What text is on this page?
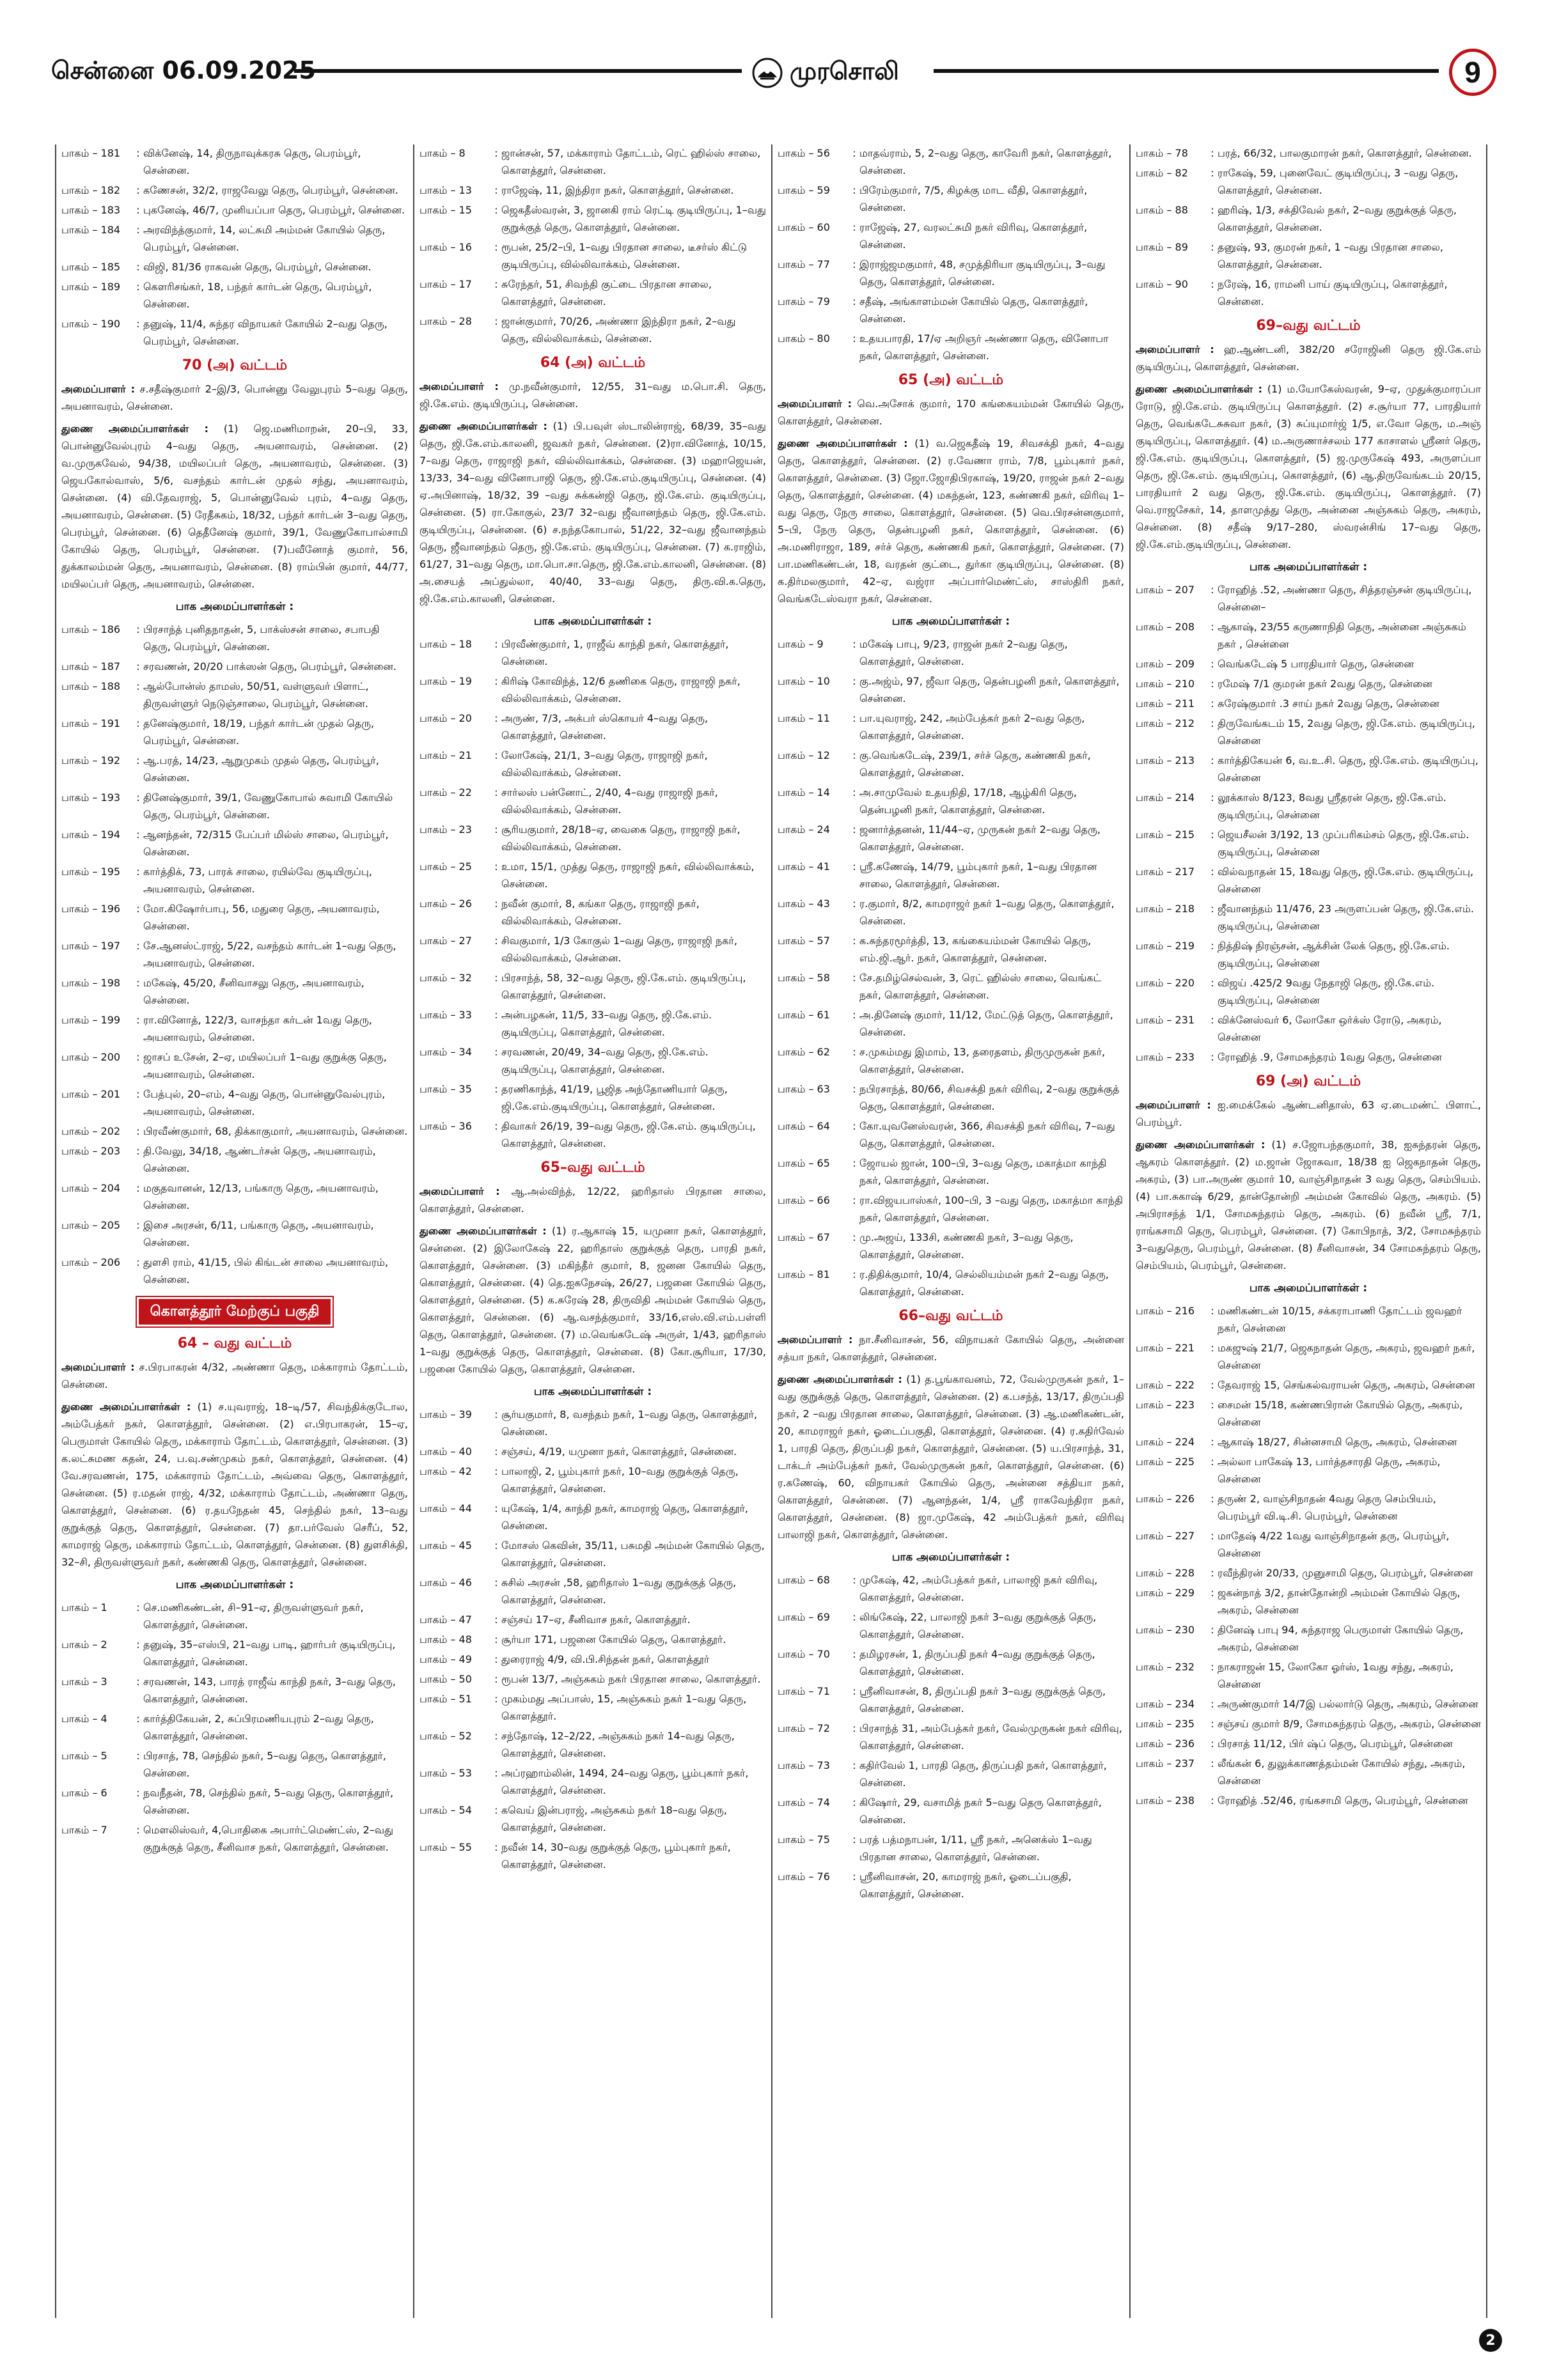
சென்னை 06.09.2025	முரசொலி	9
பாகம் – 181	: விக்னேஷ், 14, திருநாவுக்கரசு தெரு, பெரம்பூர், சென்னை.
பாகம் – 182	: கணேசன், 32/2, ராஜவேலு தெரு, பெரம்பூர், சென்னை.
பாகம் – 183	: புகனேஷ், 46/7, முனியப்பா தெரு, பெரம்பூர், சென்னை.
பாகம் – 184	: அரவிந்த்குமார், 14, லட்சுமி அம்மன் கோயில் தெரு, பெரம்பூர், சென்னை.
பாகம் – 185	: விஜி, 81/36 ராகவன் தெரு, பெரம்பூர், சென்னை.
பாகம் – 189	: கௌரிசங்கர், 18, பந்தர் கார்டன் தெரு, பெரம்பூர், சென்னை.
பாகம் – 190	: தனுஷ், 11/4, சுந்தர விநாயகர் கோயில் 2–வது தெரு, பெரம்பூர், சென்னை.
70 (அ) வட்டம்

அமைப்பாளர் : ச.சதீஷ்குமார் 2–இ/3, பொன்னு வேலுபுரம் 5–வது தெரு, அயனாவரம், சென்னை.

துணை அமைப்பாளர்கள் : (1) ஜெ.மணிமாறன், 20–பி, 33, பொன்னுவேல்புரம் 4–வது தெரு, அயனாவரம், சென்னை. (2) வ.முருகவேல், 94/38, மயிலப்பர் தெரு, அயனாவரம், சென்னை. (3) ஜெயகோல்வாஸ், 5/6, வசந்தம் கார்டன் முதல் சந்து, அயனாவரம், சென்னை. (4) வி.தேவராஜ், 5, பொன்னுவேல் புரம், 4–வது தெரு, அயனாவரம், சென்னை. (5) ரேதீசுகம், 18/32, பந்தர் கார்டன் 3–வது தெரு, பெரம்பூர், சென்னை. (6) தெதீனேஷ் குமார், 39/1, வேணுகோபால்சாமி கோயில் தெரு, பெரம்பூர், சென்னை. (7)பவீனோத் குமார், 56, துக்காலம்மன் தெரு, அயனாவரம், சென்னை. (8) ராம்பின் குமார், 44/77, மயிலப்பர் தெரு, அயனாவரம், சென்னை.

பாக அமைப்பாளர்கள் :
பாகம் – 186	: பிரசாந்த் புனிதநாதன், 5, பாக்ஸ்சன் சாலை, சபாபதி தெரு, பெரம்பூர், சென்னை.
பாகம் – 187	: சரவணன், 20/20 பாக்ஸன் தெரு, பெரம்பூர், சென்னை.
பாகம் – 188	: ஆல்போன்ஸ் தாமஸ், 50/51, வள்ளுவர் பிளாட், திருவள்ளுர் நெடுஞ்சாலை, பெரம்பூர், சென்னை.
பாகம் – 191	: தனேஷ்குமார், 18/19, பந்தர் கார்டன் முதல் தெரு, பெரம்பூர், சென்னை.
பாகம் – 192	: ஆ.பரத், 14/23, ஆறுமுகம் முதல் தெரு, பெரம்பூர், சென்னை.
பாகம் – 193	: தினேஷ்குமார், 39/1, வேணுகோபால் சுவாமி கோயில் தெரு, பெரம்பூர், சென்னை.
பாகம் – 194	: ஆனந்தன், 72/315 பேப்பர் மில்ஸ் சாலை, பெரம்பூர், சென்னை.
பாகம் – 195	: கார்த்திக், 73, பாரக் சாலை, ரயில்வே குடியிருப்பு, அயனாவரம், சென்னை.
பாகம் – 196	: மோ.கிஷோர்பாபு, 56, மதுரை தெரு, அயனாவரம், சென்னை.
பாகம் – 197	: சே.ஆனஸ்ட்ராஜ், 5/22, வசந்தம் கார்டன் 1–வது தெரு, அயனாவரம், சென்னை.
பாகம் – 198	: மகேஷ், 45/20, சீனிவாசலு தெரு, அயனாவரம், சென்னை.
பாகம் – 199	: ரா.வினோத், 122/3, வாசந்தா கர்டன் 1வது தெரு, அயனாவரம், சென்னை.
பாகம் – 200	: ஜாசப் உசேன், 2–ஏ, மயிலப்பர் 1–வது குறுக்கு தெரு, அயனாவரம், சென்னை.
பாகம் – 201	: பேத்புல், 20–எம், 4–வது தெரு, பொன்னுவேல்புரம், அயனாவரம், சென்னை.
பாகம் – 202	: பிரவீண்குமார், 68, திக்காகுமார், அயனாவரம், சென்னை.
பாகம் – 203	: தி.வேலு, 34/18, ஆண்டர்சன் தெரு, அயனாவரம், சென்னை.
பாகம் – 204	: மகுதவானன், 12/13, பங்காரு தெரு, அயனாவரம், சென்னை.
பாகம் – 205	: இசை அரசன், 6/11, பங்காரு தெரு, அயனாவரம், சென்னை.
பாகம் – 206	: துளசி ராம், 41/15, பில் கிங்டன் சாலை அயனாவரம், சென்னை.
கொளத்தூர் மேற்குப் பகுதி
64 – வது வட்டம்

அமைப்பாளர் : ச.பிரபாகரன் 4/32, அண்ணா தெரு, மக்காராம் தோட்டம், சென்னை.

துணை அமைப்பாளர்கள் : (1) ச.யுவராஜ், 18–டி/57, சிவந்திக்குடோல, அம்பேத்கர் நகர், கொளத்தூர், சென்னை. (2) எ.பிரபாகரன், 15–ஏ, பெருமாள் கோயில் தெரு, மக்காராம் தோட்டம், கொளத்தூர், சென்னை. (3) க.லட்சுமண கதன், 24, ப.வு.சண்முகம் நகர், கொளத்தூர், சென்னை. (4) வே.சரவணன், 175, மக்காராம் தோட்டம், அவ்வை தெரு, கொளத்தூர், சென்னை. (5) ர.மதன் ராஜ், 4/32, மக்காராம் தோட்டம், அண்ணா தெரு, கொளத்தூர், சென்னை. (6) ர.தயநேதன் 45, செந்தில் நகர், 13–வது குறுக்குத் தெரு, கொளத்தூர், சென்னை. (7) தா.பர்வேஸ் செரீப், 52, காமராஜ் தெரு, மக்காராம் தோட்டம், கொளத்தூர், சென்னை. (8) துளசிக்தி, 32–சி, திருவள்ளுவர் நகர், கண்ணகி தெரு, கொளத்தூர், சென்னை.

பாக அமைப்பாளர்கள் :
பாகம் – 1	: செ.மணிகண்டன், சி–91–ஏ, திருவள்ளுவர் நகர், கொளத்தூர், சென்னை.
பாகம் – 2	: தனுஷ், 35–எஸ்பி, 21–வது பாடி, ஹார்பர் குடியிருப்பு, கொளத்தூர், சென்னை.
பாகம் – 3	: சரவணன், 143, பாரத் ராஜீவ் காந்தி நகர், 3–வது தெரு, கொளத்தூர், சென்னை.
பாகம் – 4	: கார்த்திகேயன், 2, சுப்பிரமணியபுரம் 2–வது தெரு, கொளத்தூர், சென்னை.
பாகம் – 5	: பிரசாத், 78, செந்தில் நகர், 5–வது தெரு, கொளத்தூர், சென்னை.
பாகம் – 6	: நவநீதன், 78, செந்தில் நகர், 5–வது தெரு, கொளத்தூர், சென்னை.
பாகம் – 7	: மௌலிஸ்வர், 4,பொதிகை அபார்ட்மெண்ட்ஸ், 2–வது குறுக்குத் தெரு, சீனிவாச நகர், கொளத்தூர், சென்னை.
பாகம் – 8	: ஜான்சன், 57, மக்காராம் தோட்டம், ரெட் ஹில்ஸ் சாலை, கொளத்தூர், சென்னை.
பாகம் – 13	: ராஜேஷ், 11, இந்திரா நகர், கொளத்தூர், சென்னை.
பாகம் – 15	: ஜெகதீஸ்வரன், 3, ஜானகி ராம் ரெட்டி குடியிருப்பு, 1–வது குறுக்குத் தெரு, கொளத்தூர், சென்னை.
பாகம் – 16	: ரூபன், 25/2–பி, 1–வது பிரதான சாலை, டீசர்ஸ் கிட்டு குடியிருப்பு, வில்லிவாக்கம், சென்னை.
பாகம் – 17	: சுரேந்தர், 51, சிவந்தி குட்டை பிரதான சாலை, கொளத்தூர், சென்னை.
பாகம் – 28	: ஜான்குமார், 70/26, அண்ணா இந்திரா நகர், 2–வது தெரு, வில்லிவாக்கம், சென்னை.
64 (அ) வட்டம்

அமைப்பாளர் : மு.நவீன்குமார், 12/55, 31–வது ம.பொ.சி. தெரு, ஜி.கே.எம். குடியிருப்பு, சென்னை.

துணை அமைப்பாளர்கள் : (1) பி.பவுள் ஸ்டாலின்ராஜ், 68/39, 35–வது தெரு, ஜி.கே.எம்.காலனி, ஜவகர் நகர், சென்னை. (2)ரா.வினோத், 10/15, 7–வது தெரு, ராஜாஜி நகர், வில்லிவாக்கம், சென்னை. (3) மஹாஜெயன், 13/33, 34–வது வினோபாஜி தெரு, ஜி.கே.எம்.குடியிருப்பு, சென்னை. (4) ஏ.அபினாஷ், 18/32, 39 –வது சுக்கன்ஜி தெரு, ஜி.கே.எம். குடியிருப்பு, சென்னை. (5) ரா.கோகுல், 23/7 32–வது ஜீவானந்தம் தெரு, ஜி.கே.எம். குடியிருப்பு, சென்னை. (6) ச.நந்தகோபால், 51/22, 32–வது ஜீவானந்தம் தெரு, ஜீவானந்தம் தெரு, ஜி.கே.எம். குடியிருப்பு, சென்னை. (7) க.ராஜிம், 61/27, 31–வது தெரு, மா.பொ.சா.தெரு, ஜி.கே.எம்.காலனி, சென்னை. (8) அ.சையத் அப்துல்லா, 40/40, 33–வது தெரு, திரு.வி.க.தெரு, ஜி.கே.எம்.காலனி, சென்னை.

பாக அமைப்பாளர்கள் :
பாகம் – 18	: பிரவீண்குமார், 1, ராஜீவ் காந்தி நகர், கொளத்தூர், சென்னை.
பாகம் – 19	: கிரிஷ் கோவிந்த், 12/6 தணிகை தெரு, ராஜாஜி நகர், வில்லிவாக்கம், சென்னை.
பாகம் – 20	: அருண், 7/3, அக்பர் ஸ்கொயர் 4–வது தெரு, கொளத்தூர், சென்னை.
பாகம் – 21	: லோகேஷ், 21/1, 3–வது தெரு, ராஜாஜி நகர், வில்லிவாக்கம், சென்னை.
பாகம் – 22	: சார்லஸ் பன்னோட், 2/40, 4–வது ராஜாஜி நகர், வில்லிவாக்கம், சென்னை.
பாகம் – 23	: சூரியகுமார், 28/18–ஏ, வைகை தெரு, ராஜாஜி நகர், வில்லிவாக்கம், சென்னை.
பாகம் – 25	: உமா, 15/1, முத்து தெரு, ராஜாஜி நகர், வில்லிவாக்கம், சென்னை.
பாகம் – 26	: நவீன் குமார், 8, கங்கா தெரு, ராஜாஜி நகர், வில்லிவாக்கம், சென்னை.
பாகம் – 27	: சிவகுமார், 1/3 கோகுல் 1–வது தெரு, ராஜாஜி நகர், வில்லிவாக்கம், சென்னை.
பாகம் – 32	: பிரசாந்த், 58, 32–வது தெரு, ஜி.கே.எம். குடியிருப்பு, கொளத்தூர், சென்னை.
பாகம் – 33	: அன்பழகன், 11/5, 33–வது தெரு, ஜி.கே.எம். குடியிருப்பு, கொளத்தூர், சென்னை.
பாகம் – 34	: சரவணன், 20/49, 34–வது தெரு, ஜி.கே.எம். குடியிருப்பு, கொளத்தூர், சென்னை.
பாகம் – 35	: தரணிகாந்த், 41/19, பூஜித அந்தோணியார் தெரு, ஜி.கே.எம்.குடியிருப்பு, கொளத்தூர், சென்னை.
பாகம் – 36	: திவாகர் 26/19, 39–வது தெரு, ஜி.கே.எம். குடியிருப்பு, கொளத்தூர், சென்னை.
65–வது வட்டம்

அமைப்பாளர் : ஆ.அல்விந்த், 12/22, ஹரிதாஸ் பிரதான சாலை, கொளத்தூர், சென்னை.

துணை அமைப்பாளர்கள் : (1) ர.ஆகாஷ் 15, யமுனா நகர், கொளத்தூர், சென்னை. (2) இலோகேஷ் 22, ஹரிதாஸ் குறுக்குத் தெரு, பாரதி நகர், கொளத்தூர், சென்னை. (3) மகிந்தீர் குமார், 8, ஜனன கோயில் தெரு, கொளத்தூர், சென்னை. (4) தெ.ஐகநேசஷ், 26/27, பஜனை கோயில் தெரு, கொளத்தூர், சென்னை. (5) க.சுரேஷ் 28, திருவிதி அம்மன் கோயில் தெரு, கொளத்தூர், சென்னை. (6) ஆ.வசந்த்குமார், 33/16,எஸ்.வி.எம்.பள்ளி தெரு, கொளத்தூர், சென்னை. (7) ம.வெங்கடேஷ் அருள், 1/43, ஹரிதாஸ் 1–வது குறுக்குத் தெரு, கொளத்தூர், சென்னை. (8) கோ.சூரியா, 17/30, பஜனை கோயில் தெரு, கொளத்தூர், சென்னை.

பாக அமைப்பாளர்கள் :
பாகம் – 39	: சூர்யகுமார், 8, வசந்தம் நகர், 1–வது தெரு, கொளத்தூர், சென்னை.
பாகம் – 40	: சஞ்சய், 4/19, யமுனா நகர், கொளத்தூர், சென்னை.
பாகம் – 42	: பாலாஜி, 2, பூம்புகார் நகர், 10–வது குறுக்குத் தெரு, கொளத்தூர், சென்னை.
பாகம் – 44	: யுகேஷ், 1/4, காந்தி நகர், காமராஜ் தெரு, கொளத்தூர், சென்னை.
பாகம் – 45	: மோசஸ் கெவின், 35/11, பசுமதி அம்மன் கோயில் தெரு, கொளத்தூர், சென்னை.
பாகம் – 46	: சுசில் அரசன் ,58, ஹரிதாஸ் 1–வது குறுக்குத் தெரு, கொளத்தூர், சென்னை.
பாகம் – 47	: சஞ்சய் 17–ஏ, சீனிவாச நகர், கொளத்தூர்.
பாகம் – 48	: சூர்யா 171, பஜனை கோயில் தெரு, கொளத்தூர்.
பாகம் – 49	: துரைராஜ் 4/9, வி.பி.சிந்தன் நகர், கொளத்தூர்
பாகம் – 50	: ரூபன் 13/7, அஞ்சுகம் நகர் பிரதான சாலை, கொளத்தூர்.
பாகம் – 51	: முகம்மது அப்பாஸ், 15, அஞ்சுகம் நகர் 1–வது தெரு, கொளத்தூர்.
பாகம் – 52	: சந்தோஷ், 12–2/22, அஞ்சுகம் நகர் 14–வது தெரு, கொளத்தூர், சென்னை.
பாகம் – 53	: அப்ரஹாம்லின், 1494, 24–வது தெரு, பூம்புகார் நகர், கொளத்தூர், சென்னை.
பாகம் – 54	: கவெய் இன்பராஜ், அஞ்சுகம் நகர் 18–வது தெரு, கொளத்தூர், சென்னை.
பாகம் – 55	: நவீன் 14, 30–வது குறுக்குத் தெரு, பூம்புகார் நகர், கொளத்தூர், சென்னை.
பாகம் – 56	: மாதவ்ராம், 5, 2–வது தெரு, காவேரி நகர், கொளத்தூர், சென்னை.
பாகம் – 59	: பிரேம்குமார், 7/5, கிழக்கு மாட வீதி, கொளத்தூர், சென்னை.
பாகம் – 60	: ராஜேஷ், 27, வரலட்சுமி நகர் விரிவு, கொளத்தூர், சென்னை.
பாகம் – 77	: இராஜ்ஜமகுமார், 48, சமுத்திரியா குடியிருப்பு, 3–வது தெரு, கொளத்தூர், சென்னை.
பாகம் – 79	: சதீஷ், அங்காளம்மன் கோயில் தெரு, கொளத்தூர், சென்னை.
பாகம் – 80	: உதயபாரதி, 17/ஏ அறிஞர் அண்ணா தெரு, வினோபா நகர், கொளத்தூர், சென்னை.
65 (அ) வட்டம்

அமைப்பாளர் : வெ.அசோக் குமார், 170 கங்கையம்மன் கோயில் தெரு, கொளத்தூர், சென்னை.

துணை அமைப்பாளர்கள் : (1) வ.ஜெகதீஷ் 19, சிவசக்தி நகர், 4–வது தெரு, கொளத்தூர், சென்னை. (2) ர.வேணா ராம், 7/8, பூம்புகார் நகர், கொளத்தூர், சென்னை. (3) ஜோ.ஜோதிபிரகாஷ், 19/20, ராஜன் நகர் 2–வது தெரு, கொளத்தூர், சென்னை. (4) மகந்தன், 123, கண்ணகி நகர், விரிவு 1–வது தெரு, நேரு சாலை, கொளத்தூர், சென்னை. (5) வெ.பிரசன்னகுமார், 5–பி, நேரு தெரு, தென்பழனி நகர், கொளத்தூர், சென்னை. (6) அ.மணிராஜா, 189, சர்ச் தெரு, கண்ணகி நகர், கொளத்தூர், சென்னை. (7) பா.மணிகண்டன், 18, வரதன் குட்டை, துர்கா குடியிருப்பு, சென்னை. (8) க.திர்மலகுமார், 42–ஏ, வஜ்ரா அப்பார்மெண்ட்ஸ், சாஸ்திரி நகர், வெங்கடேஸ்வரா நகர், சென்னை.

பாக அமைப்பாளர்கள் :
பாகம் – 9	: மகேஷ் பாபு, 9/23, ராஜன் நகர் 2–வது தெரு, கொளத்தூர், சென்னை.
பாகம் – 10	: கு.அஜ்ம், 97, ஜீவா தெரு, தென்பழனி நகர், கொளத்தூர், சென்னை.
பாகம் – 11	: பா.யுவராஜ், 242, அம்பேத்கர் நகர் 2–வது தெரு, கொளத்தூர், சென்னை.
பாகம் – 12	: கு.வெங்கடேஷ், 239/1, சர்ச் தெரு, கண்ணகி நகர், கொளத்தூர், சென்னை.
பாகம் – 14	: அ.சாமுவேல் உதயநிதி, 17/18, ஆழ்கிரி தெரு, தென்பழனி நகர், கொளத்தூர், சென்னை.
பாகம் – 24	: ஜனார்த்தனன், 11/44–ஏ, முருகன் நகர் 2–வது தெரு, கொளத்தூர், சென்னை.
பாகம் – 41	: ஸ்ரீ.கணேஷ், 14/79, பூம்புகார் நகர், 1–வது பிரதான சாலை, கொளத்தூர், சென்னை.
பாகம் – 43	: ர.குமார், 8/2, காமராஜர் நகர் 1–வது தெரு, கொளத்தூர், சென்னை.
பாகம் – 57	: க.சுந்தரமூர்த்தி, 13, கங்கையம்மன் கோயில் தெரு, எம்.ஜி.ஆர். நகர், கொளத்தூர், சென்னை.
பாகம் – 58	: சே.தமிழ்செல்வன், 3, ரெட் ஹில்ஸ் சாலை, வெங்கட் நகர், கொளத்தூர், சென்னை.
பாகம் – 61	: அ.தினேஷ் குமார், 11/12, மேட்டுத் தெரு, கொளத்தூர், சென்னை.
பாகம் – 62	: ச.முகம்மது இமாம், 13, தரைதளம், திருமுருகன் நகர், கொளத்தூர், சென்னை.
பாகம் – 63	: நபிரசாந்த், 80/66, சிவசக்தி நகர் விரிவு, 2–வது குறுக்குத் தெரு, கொளத்தூர், சென்னை.
பாகம் – 64	: கோ.யுவனேஸ்வரன், 366, சிவசக்தி நகர் விரிவு, 7–வது தெரு, கொளத்தூர், சென்னை.
பாகம் – 65	: ஜோயல் ஜான், 100–பி, 3–வது தெரு, மகாத்மா காந்தி நகர், கொளத்தூர், சென்னை.
பாகம் – 66	: ரா.விஜயபாஸ்கர், 100–பி, 3 –வது தெரு, மகாத்மா காந்தி நகர், கொளத்தூர், சென்னை.
பாகம் – 67	: மு.அஜய், 133சி, கண்ணகி நகர், 3–வது தெரு, கொளத்தூர், சென்னை.
பாகம் – 81	: ர.திதிக்குமார், 10/4, செல்லியம்மன் நகர் 2–வது தெரு, கொளத்தூர், சென்னை.
66–வது வட்டம்

அமைப்பாளர் : நா.சீனிவாசன், 56, விநாயகர் கோயில் தெரு, அன்னை சத்யா நகர், கொளத்தூர், சென்னை.

துணை அமைப்பாளர்கள் : (1) த.பூங்காவனம், 72, வேல்முருகன் நகர், 1–வது குறுக்குத் தெரு, கொளத்தூர், சென்னை. (2) க.பசந்த், 13/17, திருப்பதி நகர், 2 –வது பிரதான சாலை, கொளத்தூர், சென்னை. (3) ஆ.மணிகண்டன், 20, காமராஜர் நகர், ஓடைப்பகுதி, கொளத்தூர், சென்னை. (4) ர.கதிர்வேல் 1, பாரதி தெரு, திருப்பதி நகர், கொளத்தூர், சென்னை. (5) ய.பிரசாந்த், 31, டாக்டர் அம்பேத்கர் நகர், வேல்முருகன் நகர், கொளத்தூர், சென்னை. (6) ர.கணேஷ், 60, விநாயகர் கோயில் தெரு, அன்னை சத்தியா நகர், கொளத்தூர், சென்னை. (7) ஆனந்தன், 1/4, ஸ்ரீ ராகவேந்திரா நகர், கொளத்தூர், சென்னை. (8) ஜா.முகேஷ், 42 அம்பேத்கர் நகர், விரிவு பாலாஜி நகர், கொளத்தூர், சென்னை.

பாக அமைப்பாளர்கள் :
பாகம் – 68	: முகேஷ், 42, அம்பேத்கர் நகர், பாலாஜி நகர் விரிவு, கொளத்தூர், சென்னை.
பாகம் – 69	: லிங்கேஷ், 22, பாலாஜி நகர் 3–வது குறுக்குத் தெரு, கொளத்தூர், சென்னை.
பாகம் – 70	: தமிழரசன், 1, திருப்பதி நகர் 4–வது குறுக்குத் தெரு, கொளத்தூர், சென்னை.
பாகம் – 71	: ஸ்ரீனிவாசன், 8, திருப்பதி நகர் 3–வது குறுக்குத் தெரு, கொளத்தூர், சென்னை.
பாகம் – 72	: பிரசாந்த் 31, அம்பேத்கர் நகர், வேல்முருகன் நகர் விரிவு, கொளத்தூர், சென்னை.
பாகம் – 73	: கதிர்வேல் 1, பாரதி தெரு, திருப்பதி நகர், கொளத்தூர், சென்னை.
பாகம் – 74	: கிஷோர், 29, வசாமித் நகர் 5–வது தெரு கொளத்தூர், சென்னை.
பாகம் – 75	: பரத் பத்மநாபன், 1/11, ஸ்ரீ நகர், அனெக்ஸ் 1–வது பிரதான சாலை, கொளத்தூர், சென்னை.
பாகம் – 76	: ஸ்ரீனிவாசன், 20, காமராஜ் நகர், ஓடைப்பகுதி, கொளத்தூர், சென்னை.
பாகம் – 78	: பரத், 66/32, பாலகுமாரன் நகர், கொளத்தூர், சென்னை.
பாகம் – 82	: ராகேஷ், 59, புனைவேட் குடியிருப்பு, 3 –வது தெரு, கொளத்தூர், சென்னை.
பாகம் – 88	: ஹரிஷ், 1/3, சக்திவேல் நகர், 2–வது குறுக்குத் தெரு, கொளத்தூர், சென்னை.
பாகம் – 89	: தனுஷ், 93, குமரன் நகர், 1 –வது பிரதான சாலை, கொளத்தூர், சென்னை.
பாகம் – 90	: நரேஷ், 16, ராமனி பாய் குடியிருப்பு, கொளத்தூர், சென்னை.
69–வது வட்டம்

அமைப்பாளர் : ஹ.ஆண்டனி, 382/20 சரோஜினி தெரு ஜி.கே.எம் குடியிருப்பு, கொளத்தூர், சென்னை.

துணை அமைப்பாளர்கள் : (1) ம.யோகேஸ்வரன், 9–ஏ, முதுக்குமாரப்பா ரோடு, ஜி.கே.எம். குடியிருப்பு கொளத்தூர். (2) ச.சூர்யா 77, பாரதியார் தெரு, வெங்கடேசுசுவா நகர், (3) சுப்யுமார்ஜ் 1/5, எ.வோ தெரு, ம.அஞ் குடியிருப்பு, கொளத்தூர். (4) ம.அருணாச்சலம் 177 காசாளல் ஸ்ரீனர் தெரு, ஜி.கே.எம். குடியிருப்பு, கொளத்தூர், (5) ஜ.முருகேஷ் 493, அருளப்பா தெரு, ஜி.கே.எம். குடியிருப்பு, கொளத்தூர், (6) ஆ.திருவேங்கடம் 20/15, பாரதியார் 2 வது தெரு, ஜி.கே.எம். குடியிருப்பு, கொளத்தூர். (7) வெ.ராஜசேகர், 14, தாளமுத்து தெரு, அன்னை அஞ்சுகம் தெரு, அகரம், சென்னை. (8) சதீஷ் 9/17–280, ஸ்வரன்சிங் 17–வது தெரு, ஜி.கே.எம்.குடியிருப்பு, சென்னை.

பாக அமைப்பாளர்கள் :
பாகம் – 207	: ரோஹித் .52, அண்ணா தெரு, சித்தரஞ்சன் குடியிருப்பு, சென்னை–
பாகம் – 208	: ஆகாஷ், 23/55 கருணாநிதி தெரு, அன்னை அஞ்சுகம் நகர் , சென்னை
பாகம் – 209	: வெங்கடேஷ் 5 பாரதியார் தெரு, சென்னை
பாகம் – 210	: ரமேஷ் 7/1 குமரன் நகர் 2வது தெரு, சென்னை
பாகம் – 211	: சுரேஷ்குமார் .3 சாய் நகர் 2வது தெரு, சென்னை
பாகம் – 212	: திருவேங்கடம் 15, 2வது தெரு, ஜி.கே.எம். குடியிருப்பு, சென்னை
பாகம் – 213	: கார்த்திகேயன் 6, வ.உ.சி. தெரு, ஜி.கே.எம். குடியிருப்பு, சென்னை
பாகம் – 214	: லூக்காஸ் 8/123, 8வது ஸ்ரீதரன் தெரு, ஜி.கே.எம். குடியிருப்பு, சென்னை
பாகம் – 215	: ஜெயசீலன் 3/192, 13 முப்பரிகம்சம் தெரு, ஜி.கே.எம். குடியிருப்பு, சென்னை
பாகம் – 217	: வில்வநாதன் 15, 18வது தெரு, ஜி.கே.எம். குடியிருப்பு, சென்னை
பாகம் – 218	: ஜீவானந்தம் 11/476, 23 அருளப்பன் தெரு, ஜி.கே.எம். குடியிருப்பு, சென்னை
பாகம் – 219	: நித்திஷ் நிரஞ்சன், ஆக்சின் லேக் தெரு, ஜி.கே.எம். குடியிருப்பு, சென்னை
பாகம் – 220	: விஜய் .425/2 9வது நேதாஜி தெரு, ஜி.கே.எம். குடியிருப்பு, சென்னை
பாகம் – 231	: விக்னேஸ்வர் 6, லோகோ ஒர்க்ஸ் ரோடு, அகரம், சென்னை
பாகம் – 233	: ரோஹித் .9, சோமசுந்தரம் 1வது தெரு, சென்னை
69 (அ) வட்டம்

அமைப்பாளர் : ஐ.மைக்கேல் ஆண்டனிதாஸ், 63 ஏ.டைமண்ட் பிளாட், பெரம்பூர்.

துணை அமைப்பாளர்கள் : (1) ச.ஜோபந்தகுமார், 38, ஐசுந்தரன் தெரு, ஆகரம் கொளத்தூர். (2) ம.ஜான் ஜோசுவா, 18/38 ஐ ஜெகநாதன் தெரு, அகரம், (3) பா.அருண் குமார் 10, வாஞ்சிநாதன் 3 வது தெரு, செம்பியம். (4) பா.சுகாஷ் 6/29, தான்தோன்றி அம்மன் கோவில் தெரு, அகரம். (5) அபிராசந்த் 1/1, சோமசுந்தரம் தெரு, அகரம். (6) நவீன் ஸ்ரீ, 7/1, ராங்கசாமி தெரு, பெரம்பூர், சென்னை. (7) கோபிநாத், 3/2, சோமசுந்தரம் 3–வதுதெரு, பெரம்பூர், சென்னை. (8) சீனிவாசன், 34 சோமசுந்தரம் தெரு, செம்பியம், பெரம்பூர், சென்னை.

பாக அமைப்பாளர்கள் :
பாகம் – 216	: மணிகண்டன் 10/15, சக்கராபாணி தோட்டம் ஜவஹர் நகர், சென்னை
பாகம் – 221	: மகஜுஷ் 21/7, ஜெகநாதன் தெரு, அகரம், ஜவஹர் நகர், சென்னை
பாகம் – 222	: தேவராஜ் 15, செங்கல்வராயன் தெரு, அகரம், சென்னை
பாகம் – 223	: சைமன் 15/18, கண்ணபிரான் கோயில் தெரு, அகரம், சென்னை
பாகம் – 224	: ஆகாஷ் 18/27, சின்னசாமி தெரு, அகரம், சென்னை
பாகம் – 225	: அல்லா பாகேஷ் 13, பார்த்தசாரதி தெரு, அகரம், சென்னை
பாகம் – 226	: தருண் 2, வாஞ்சிநாதன் 4வது தெரு செம்பியம், பெரம்பூர் வி.டி.சி. பெரம்பூர், சென்னை
பாகம் – 227	: மாதேஷ் 4/22 1வது வாஞ்சிநாதன் தரு, பெரம்பூர், சென்னை
பாகம் – 228	: ரவீந்திரன் 20/33, முனுசாமி தெரு, பெரம்பூர், சென்னை
பாகம் – 229	: ஜகன்நாத் 3/2, தான்தோன்றி அம்மன் கோயில் தெரு, அகரம், சென்னை
பாகம் – 230	: தினேஷ் பாபு 94, சுந்தராஜ பெருமாள் கோயில் தெரு, அகரம், சென்னை
பாகம் – 232	: நாகராஜன் 15, லோகோ ஓர்ஸ், 1வது சந்து, அகரம், சென்னை
பாகம் – 234	: அருண்குமார் 14/7இ பல்லார்டு தெரு, அகரம், சென்னை
பாகம் – 235	: சஞ்சய் குமார் 8/9, சோமசுந்தரம் தெரு, அகரம், சென்னை
பாகம் – 236	: பிரசாத் 11/12, பிர் ஷ்ப் தெரு, பெரம்பூர், சென்னை
பாகம் – 237	: லீங்கன் 6, துலுக்காணத்தம்மன் கோயில் சந்து, அகரம், சென்னை
பாகம் – 238	: ரோஹித் .52/46, ரங்கசாமி தெரு, பெரம்பூர், சென்னை
2
